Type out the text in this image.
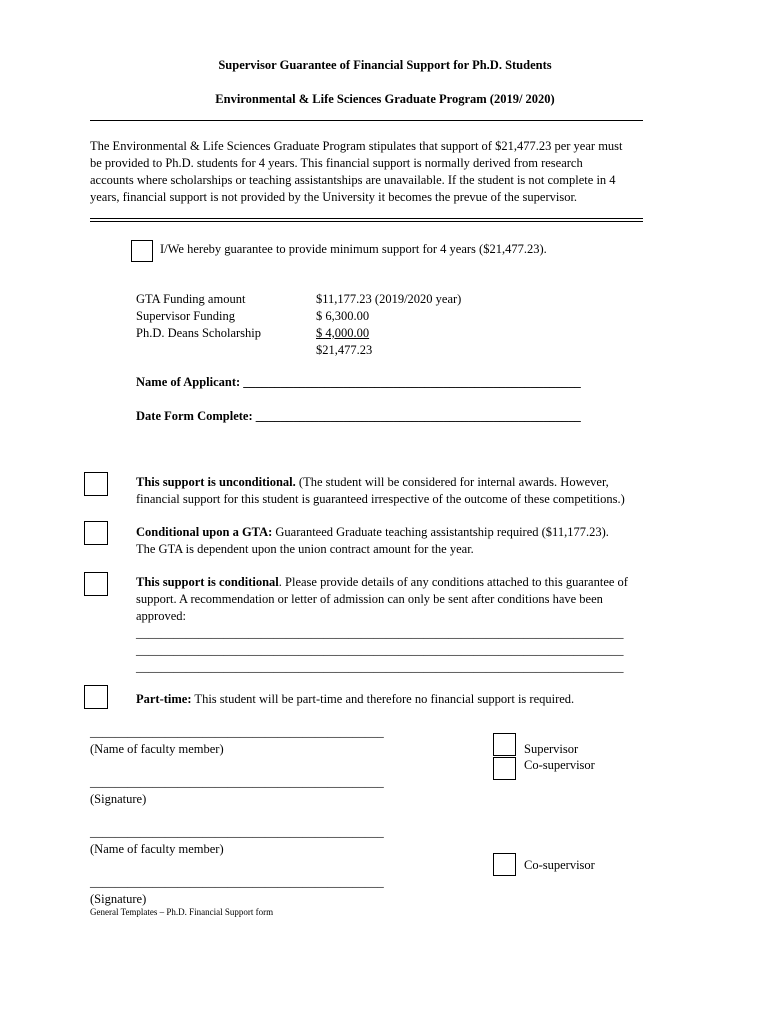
Supervisor Guarantee of Financial Support for Ph.D. Students
Environmental & Life Sciences Graduate Program (2019/ 2020)
The Environmental & Life Sciences Graduate Program stipulates that support of $21,477.23 per year must
be provided to Ph.D. students for 4 years. This financial support is normally derived from research
accounts where scholarships or teaching assistantships are unavailable. If the student is not complete in 4
years, financial support is not provided by the University it becomes the prevue of the supervisor.
I/We hereby guarantee to provide minimum support for 4 years ($21,477.23).
GTA Funding amount
Supervisor Funding
Ph.D. Deans Scholarship
$11,177.23 (2019/2020 year)
$ 6,300.00
$ 4,000.00
$21,477.23
Name of Applicant: ______________________________________________________
Date Form Complete: ____________________________________________________
This support is unconditional. (The student will be considered for internal awards. However,
financial support for this student is guaranteed irrespective of the outcome of these competitions.)
Conditional upon a GTA: Guaranteed Graduate teaching assistantship required ($11,177.23).
The GTA is dependent upon the union contract amount for the year.
This support is conditional. Please provide details of any conditions attached to this guarantee of
support. A recommendation or letter of admission can only be sent after conditions have been
approved:
______________________________________________________________________________
______________________________________________________________________________
______________________________________________________________________________
Part-time: This student will be part-time and therefore no financial support is required.
_______________________________________________
(Name of faculty member)
_______________________________________________
(Signature)
Supervisor
Co-supervisor
_______________________________________________
(Name of faculty member)
_______________________________________________
(Signature)
Co-supervisor
General Templates – Ph.D. Financial Support form
